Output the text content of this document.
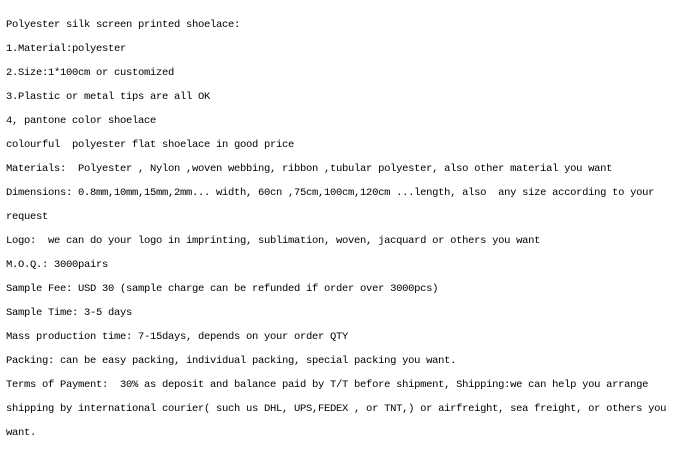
Polyester silk screen printed shoelace:
1.Material:polyester
2.Size:1*100cm or customized
3.Plastic or metal tips are all OK
4, pantone color shoelace
colourful  polyester flat shoelace in good price
Materials:  Polyester , Nylon ,woven webbing, ribbon ,tubular polyester, also other material you want
Dimensions: 0.8mm,10mm,15mm,2mm... width, 60cn ,75cm,100cm,120cm ...length, also  any size according to your
request
Logo:  we can do your logo in imprinting, sublimation, woven, jacquard or others you want
M.O.Q.: 3000pairs
Sample Fee: USD 30 (sample charge can be refunded if order over 3000pcs)
Sample Time: 3-5 days
Mass production time: 7-15days, depends on your order QTY
Packing: can be easy packing, individual packing, special packing you want.
Terms of Payment:  30% as deposit and balance paid by T/T before shipment, Shipping:we can help you arrange
shipping by international courier( such us DHL, UPS,FEDEX , or TNT,) or airfreight, sea freight, or others you
want.
